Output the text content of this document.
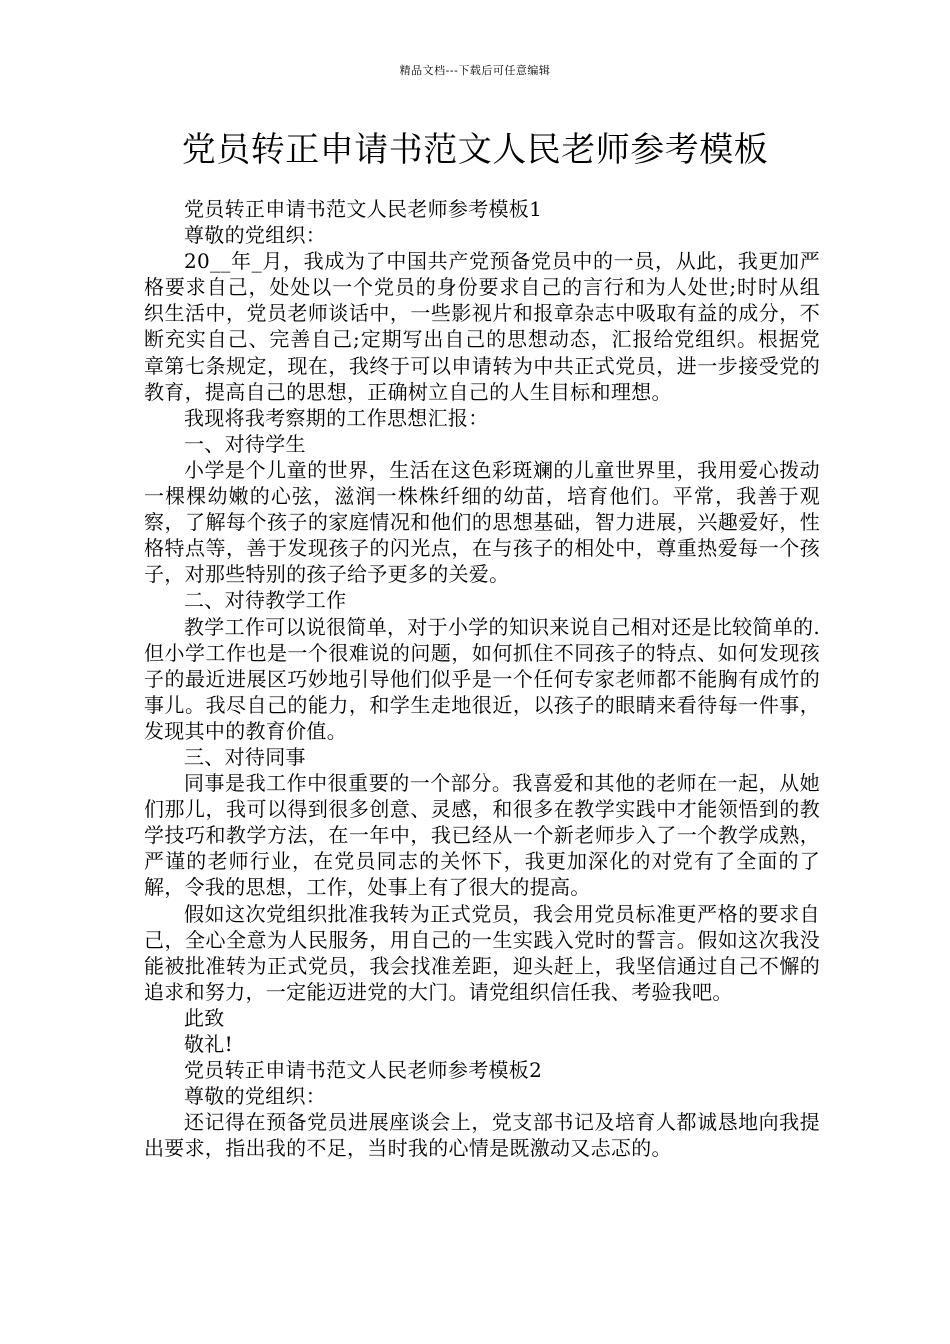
精品文档---下载后可任意编辑
党员转正申请书范文人民老师参考模板

党员转正申请书范文人民老师参考模板1

尊敬的党组织：

20__年_月，我成为了中国共产党预备党员中的一员，从此，我更加严格要求自己，处处以一个党员的身份要求自己的言行和为人处世;时时从组织生活中，党员老师谈话中，一些影视片和报章杂志中吸取有益的成分，不断充实自己、完善自己;定期写出自己的思想动态，汇报给党组织。根据党章第七条规定，现在，我终于可以申请转为中共正式党员，进一步接受党的教育，提高自己的思想，正确树立自己的人生目标和理想。

我现将我考察期的工作思想汇报：

一、对待学生

小学是个儿童的世界，生活在这色彩斑斓的儿童世界里，我用爱心拨动一棵棵幼嫩的心弦，滋润一株株纤细的幼苗，培育他们。平常，我善于观察，了解每个孩子的家庭情况和他们的思想基础，智力进展，兴趣爱好，性格特点等，善于发现孩子的闪光点，在与孩子的相处中，尊重热爱每一个孩子，对那些特别的孩子给予更多的关爱。

二、对待教学工作

教学工作可以说很简单，对于小学的知识来说自己相对还是比较简单的.但小学工作也是一个很难说的问题，如何抓住不同孩子的特点、如何发现孩子的最近进展区巧妙地引导他们似乎是一个任何专家老师都不能胸有成竹的事儿。我尽自己的能力，和学生走地很近，以孩子的眼睛来看待每一件事，发现其中的教育价值。

三、对待同事

同事是我工作中很重要的一个部分。我喜爱和其他的老师在一起，从她们那儿，我可以得到很多创意、灵感，和很多在教学实践中才能领悟到的教学技巧和教学方法，在一年中，我已经从一个新老师步入了一个教学成熟，严谨的老师行业，在党员同志的关怀下，我更加深化的对党有了全面的了解，令我的思想，工作，处事上有了很大的提高。

假如这次党组织批准我转为正式党员，我会用党员标准更严格的要求自己，全心全意为人民服务，用自己的一生实践入党时的誓言。假如这次我没能被批准转为正式党员，我会找准差距，迎头赶上，我坚信通过自己不懈的追求和努力，一定能迈进党的大门。请党组织信任我、考验我吧。

此致

敬礼!

党员转正申请书范文人民老师参考模板2

尊敬的党组织：

还记得在预备党员进展座谈会上，党支部书记及培育人都诚恳地向我提出要求，指出我的不足，当时我的心情是既激动又忐忑的。
